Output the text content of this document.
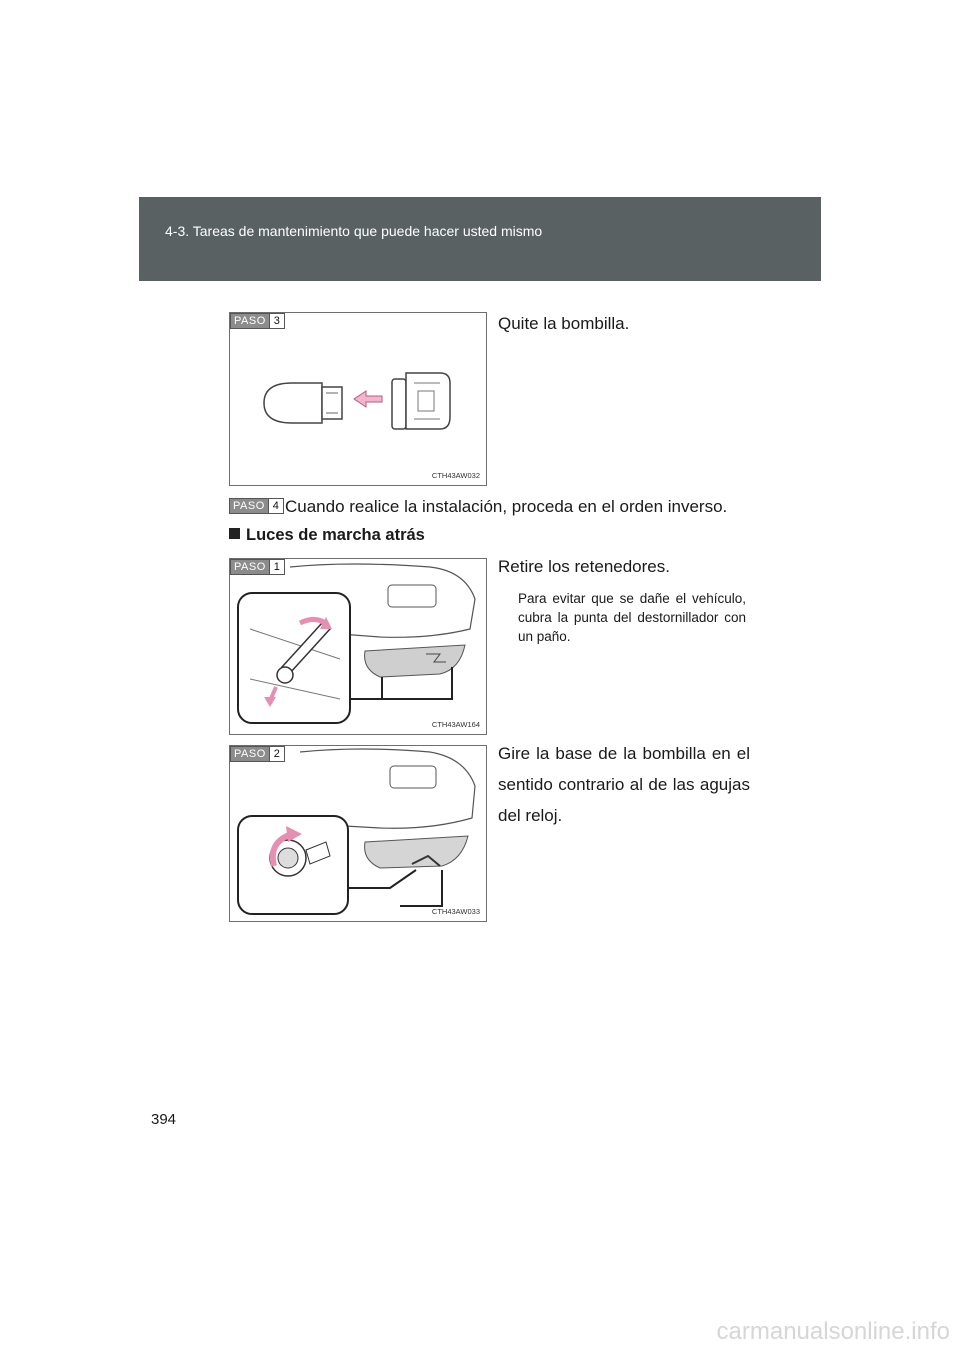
4-3. Tareas de mantenimiento que puede hacer usted mismo
PASO 3
CTH43AW032
Quite la bombilla.
PASO 4 Cuando realice la instalación, proceda en el orden inverso.
Luces de marcha atrás
PASO 1
CTH43AW164
Retire los retenedores.
Para evitar que se dañe el vehículo, cubra la punta del destornillador con un paño.
PASO 2
CTH43AW033
Gire la base de la bombilla en el sentido contrario al de las agujas del reloj.
394
carmanualsonline.info
